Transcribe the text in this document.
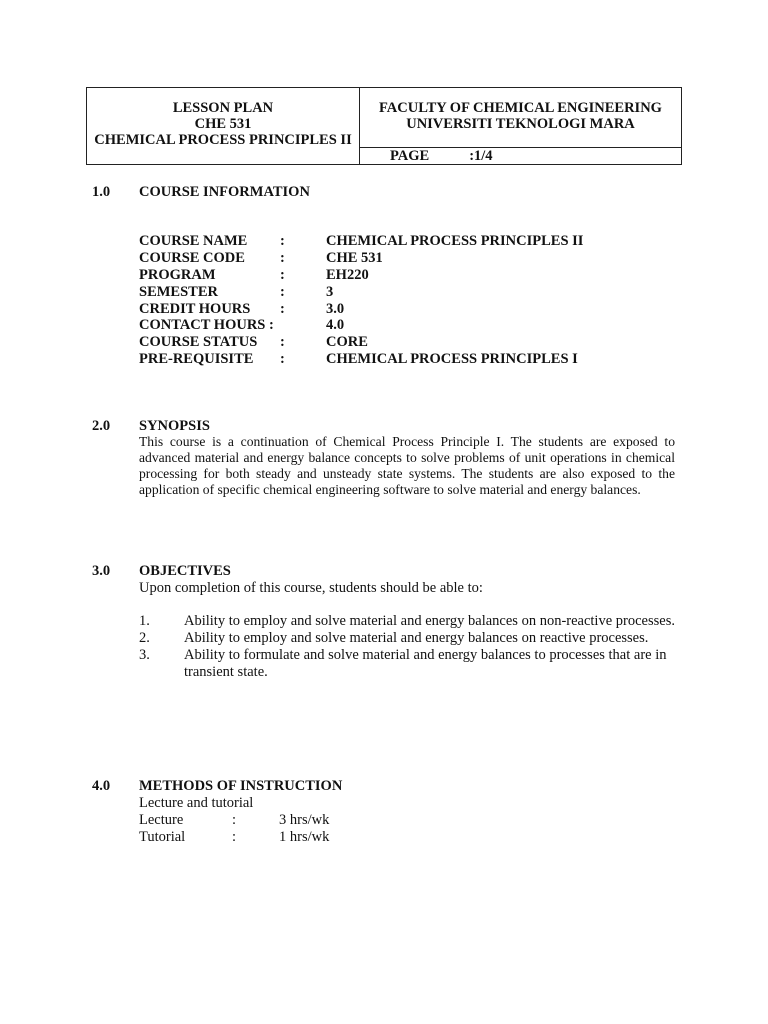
LESSON PLAN
CHE 531
CHEMICAL PROCESS PRINCIPLES II
FACULTY OF CHEMICAL ENGINEERING
UNIVERSITI TEKNOLOGI MARA
PAGE	:1/4
1.0 COURSE INFORMATION
COURSE NAME :	CHEMICAL PROCESS PRINCIPLES II
COURSE CODE :	CHE 531
PROGRAM	:	EH220
SEMESTER	:	3
CREDIT HOURS :	3.0
CONTACT HOURS :	4.0
COURSE STATUS :	CORE
PRE-REQUISITE :	CHEMICAL PROCESS PRINCIPLES I
2.0 SYNOPSIS
This course is a continuation of Chemical Process Principle I. The students are exposed to advanced material and energy balance concepts to solve problems of unit operations in chemical processing for both steady and unsteady state systems. The students are also exposed to the application of specific chemical engineering software to solve material and energy balances.
3.0 OBJECTIVES
Upon completion of this course, students should be able to:
1. Ability to employ and solve material and energy balances on non-reactive processes.
2. Ability to employ and solve material and energy balances on reactive processes.
3. Ability to formulate and solve material and energy balances to processes that are in transient state.
4.0 METHODS OF INSTRUCTION
Lecture and tutorial
Lecture	:	3 hrs/wk
Tutorial	:	1 hrs/wk
